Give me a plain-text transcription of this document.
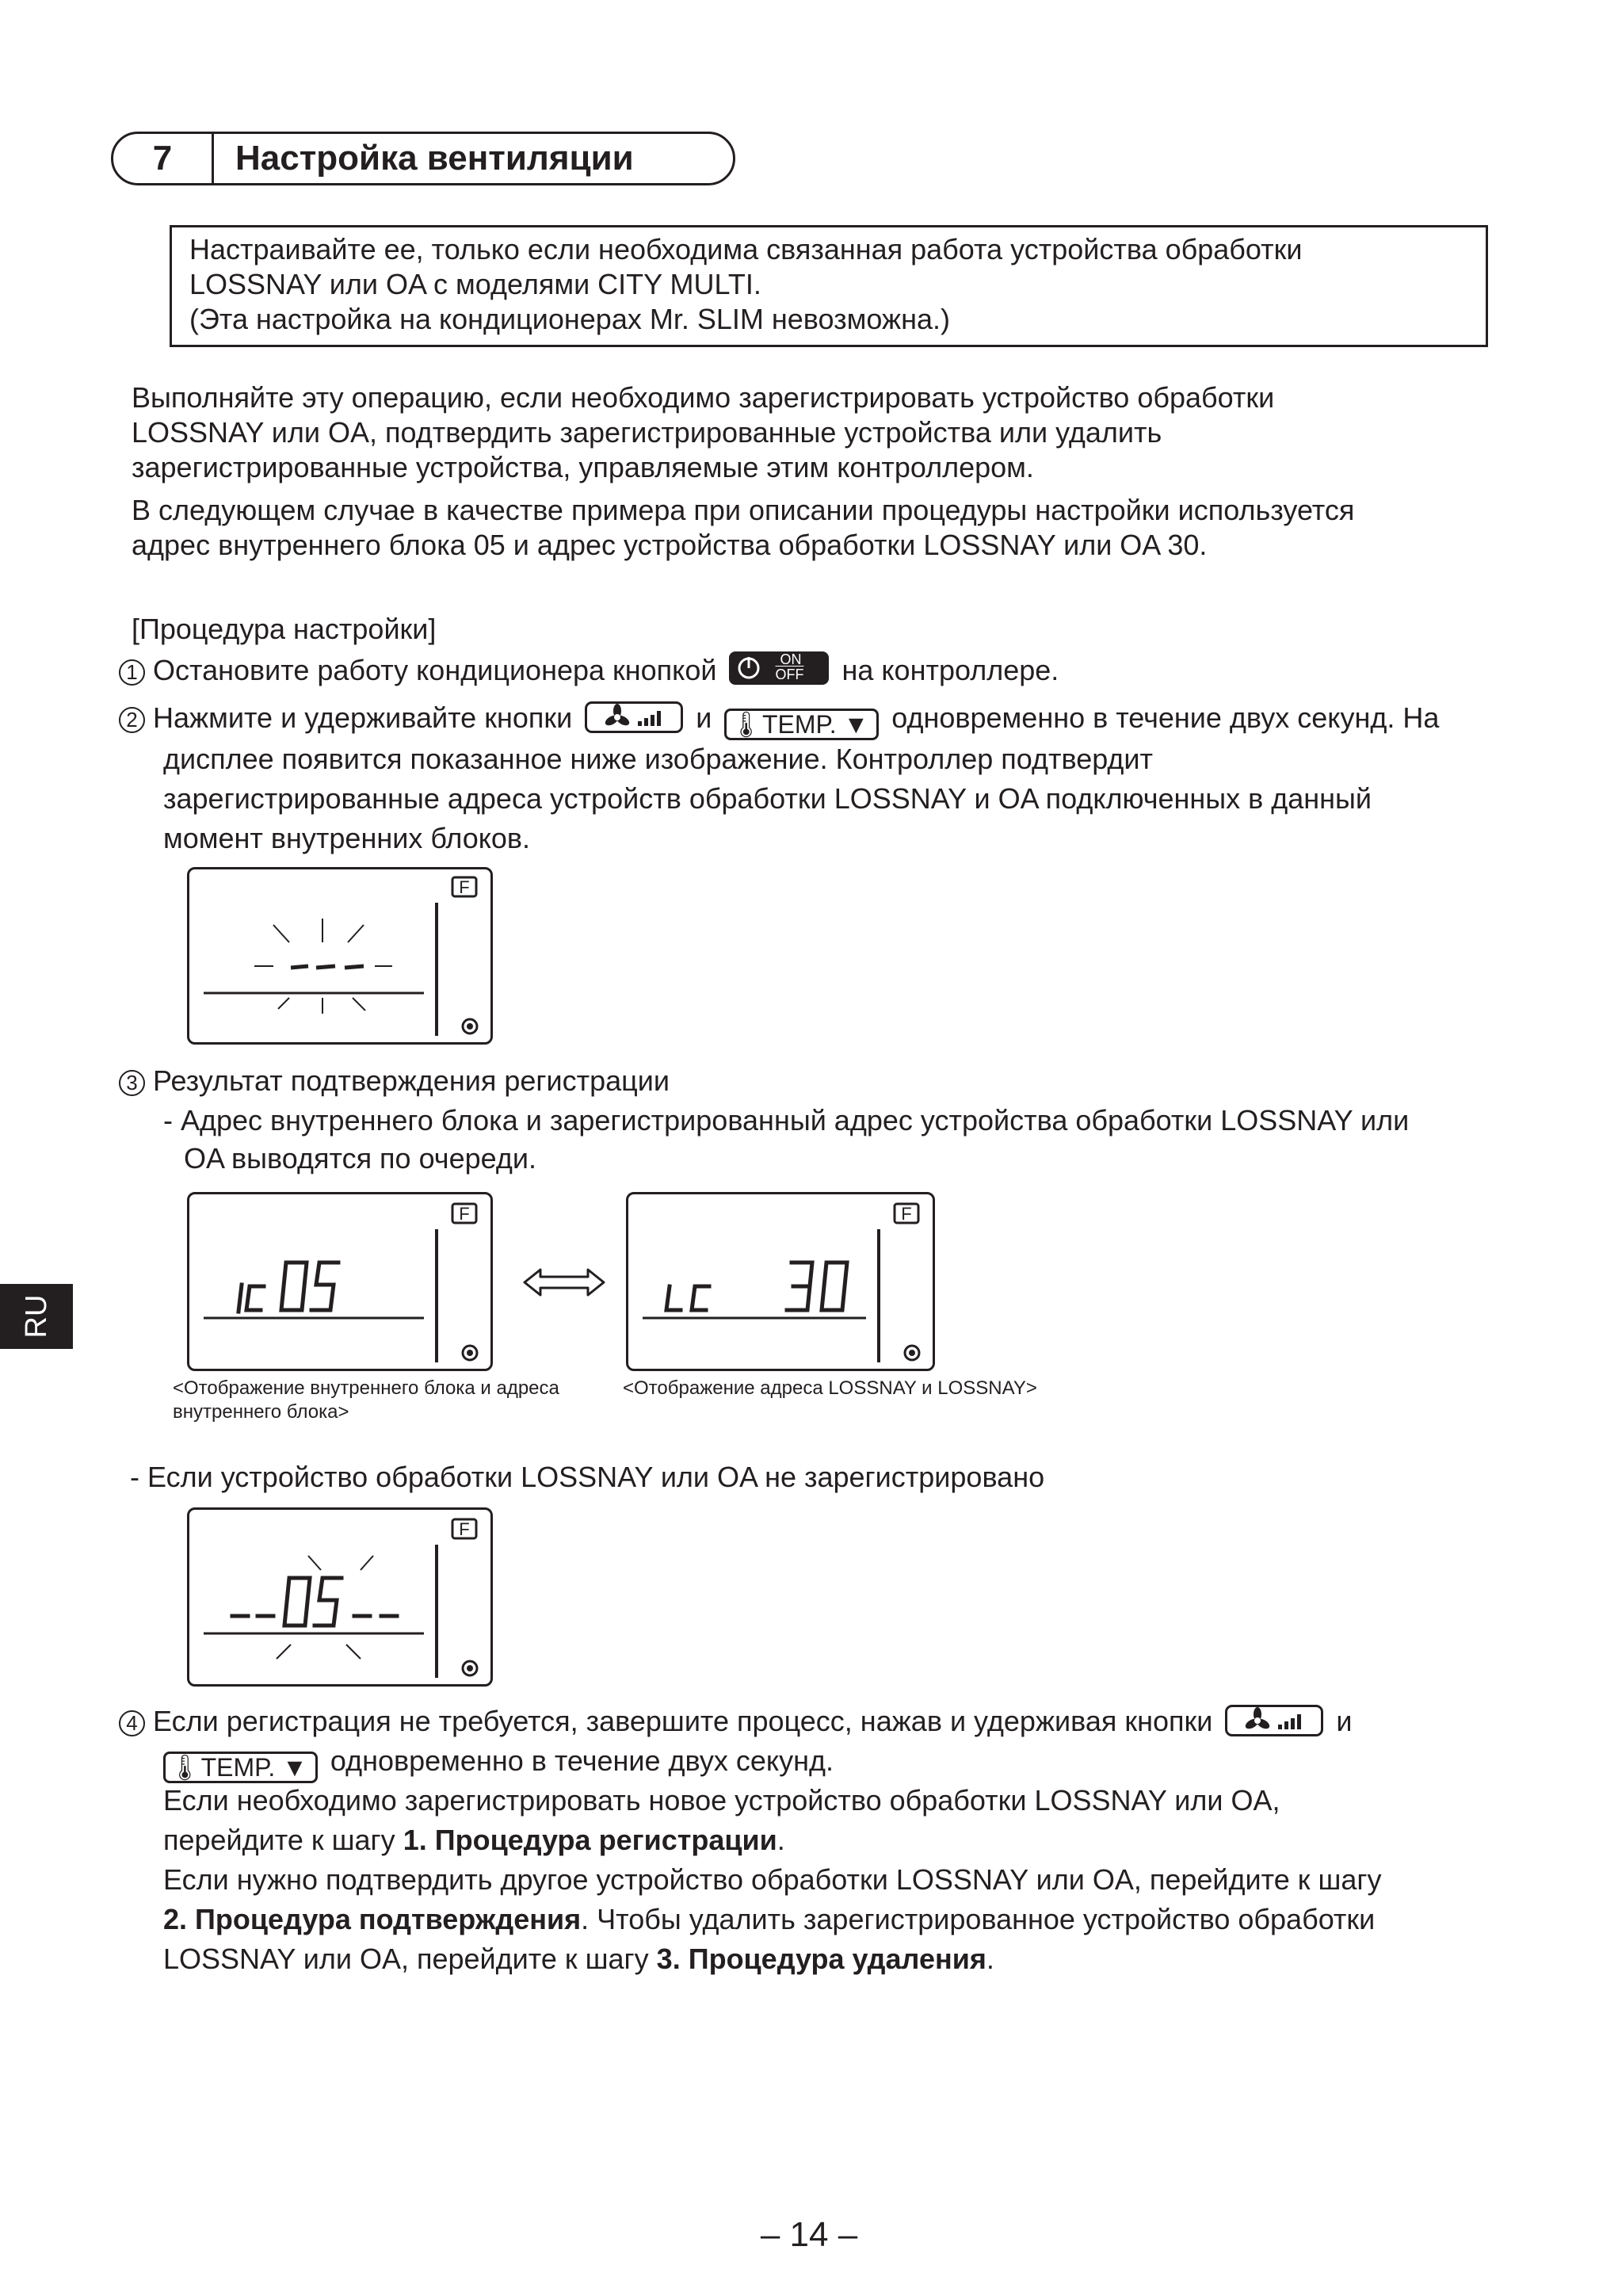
7	Настройка вентиляции
Настраивайте ее, только если необходима связанная работа устройства обработки
LOSSNAY или OA с моделями CITY MULTI.
(Эта настройка на кондиционерах Mr. SLIM невозможна.)
Выполняйте эту операцию, если необходимо зарегистрировать устройство обработки
LOSSNAY или OA, подтвердить зарегистрированные устройства или удалить
зарегистрированные устройства, управляемые этим контроллером.
В следующем случае в качестве примера при описании процедуры настройки используется
адрес внутреннего блока 05 и адрес устройства обработки LOSSNAY или OA 30.
[Процедура настройки]
1 Остановите работу кондиционера кнопкой	ON
$\overline{OFF}$ на контроллере.
2 Нажмите и удерживайте кнопки	и 🌡︎TEMP. ▼ одновременно в течение двух секунд. На
дисплее появится показанное ниже изображение. Контроллер подтвердит
зарегистрированные адреса устройств обработки LOSSNAY и OA подключенных в данный
момент внутренних блоков.
F
3 Результат подтверждения регистрации
- Адрес внутреннего блока и зарегистрированный адрес устройства обработки LOSSNAY или
OA выводятся по очереди.
F	F
<Отображение внутреннего блока и адреса
внутреннего блока>
<Отображение адреса LOSSNAY и LOSSNAY>
- Если устройство обработки LOSSNAY или OA не зарегистрировано
F
4 Если регистрация не требуется, завершите процесс, нажав и удерживая кнопки	и
🌡︎TEMP. ▼ одновременно в течение двух секунд.
Если необходимо зарегистрировать новое устройство обработки LOSSNAY или OA,
перейдите к шагу 1. Процедура регистрации.
Если нужно подтвердить другое устройство обработки LOSSNAY или OA, перейдите к шагу
2. Процедура подтверждения. Чтобы удалить зарегистрированное устройство обработки
LOSSNAY или OA, перейдите к шагу 3. Процедура удаления.
RU
– 14 –
